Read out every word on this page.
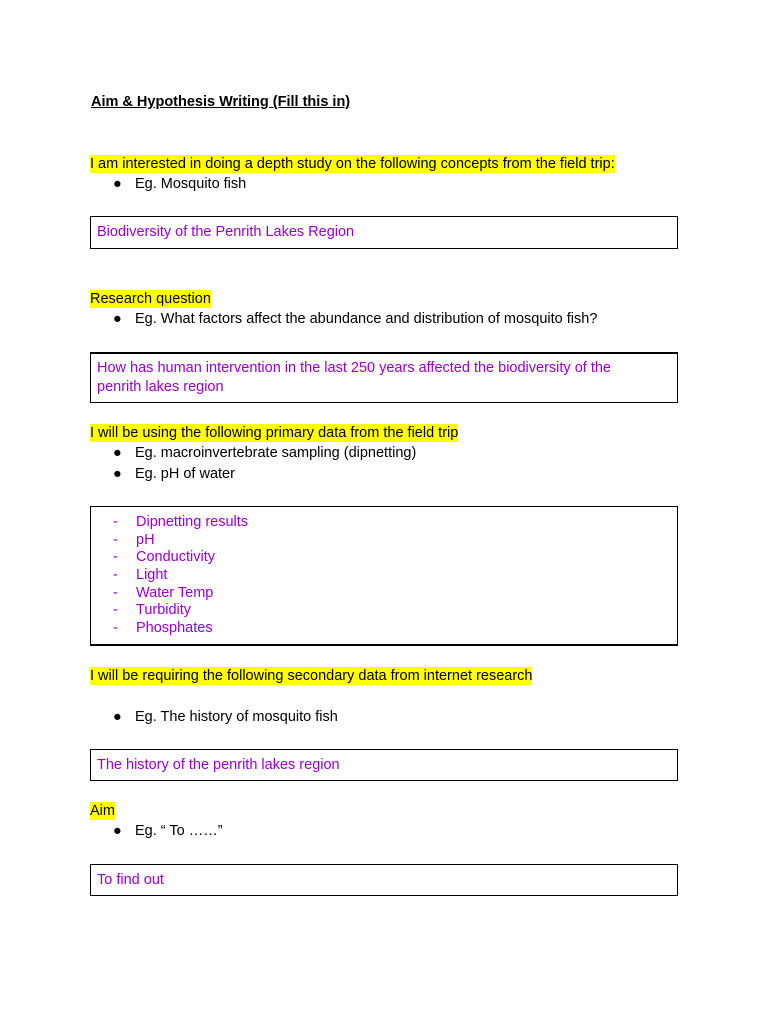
Aim & Hypothesis Writing (Fill this in)
I am interested in doing a depth study on the following concepts from the field trip:
● Eg. Mosquito fish
Biodiversity of the Penrith Lakes Region
Research question
● Eg. What factors affect the abundance and distribution of mosquito fish?
How has human intervention in the last 250 years affected the biodiversity of the
penrith lakes region
I will be using the following primary data from the field trip
● Eg. macroinvertebrate sampling (dipnetting)
● Eg. pH of water
- Dipnetting results
- pH
- Conductivity
- Light
- Water Temp
- Turbidity
- Phosphates
I will be requiring the following secondary data from internet research
● Eg. The history of mosquito fish
The history of the penrith lakes region
Aim
● Eg. “ To ……”
To find out
